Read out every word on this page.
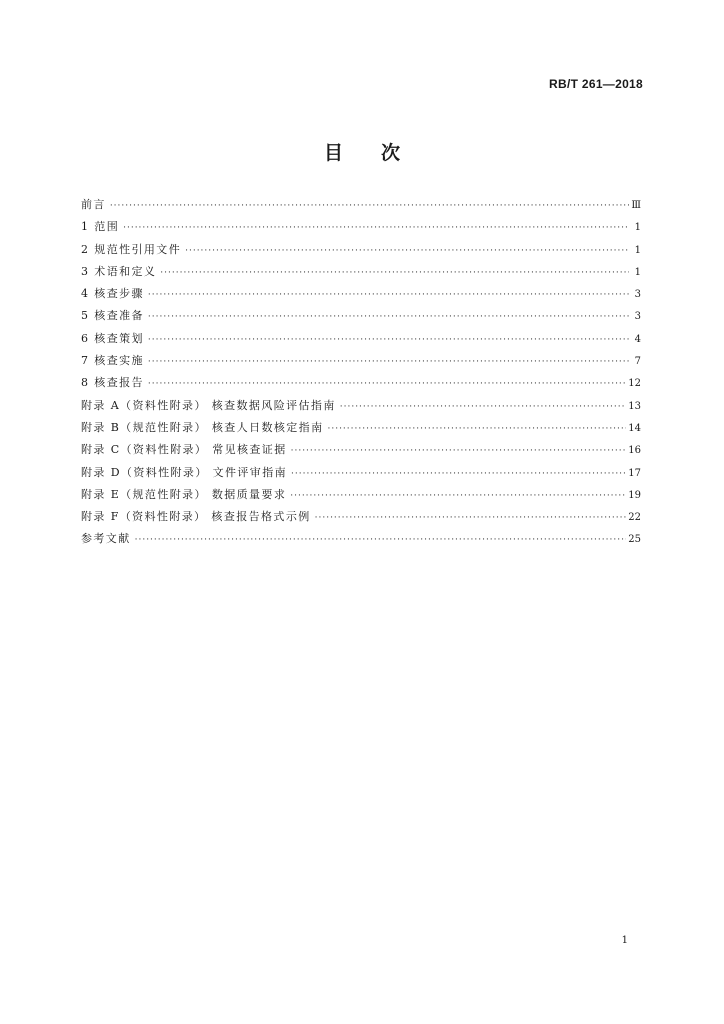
RB/T 261—2018
目 次
前言 ·····	Ⅲ
1 范围 ·····	1
2 规范性引用文件 ·····	1
3 术语和定义 ·····	1
4 核查步骤 ·····	3
5 核查准备 ·····	3
6 核查策划 ·····	4
7 核查实施 ·····	7
8 核查报告 ·····	12
附录 A（资料性附录） 核查数据风险评估指南 ·····	13
附录 B（规范性附录） 核查人日数核定指南 ·····	14
附录 C（资料性附录） 常见核查证据 ·····	16
附录 D（资料性附录） 文件评审指南 ·····	17
附录 E（规范性附录） 数据质量要求 ·····	19
附录 F（资料性附录） 核查报告格式示例 ·····	22
参考文献 ·····	25
1
